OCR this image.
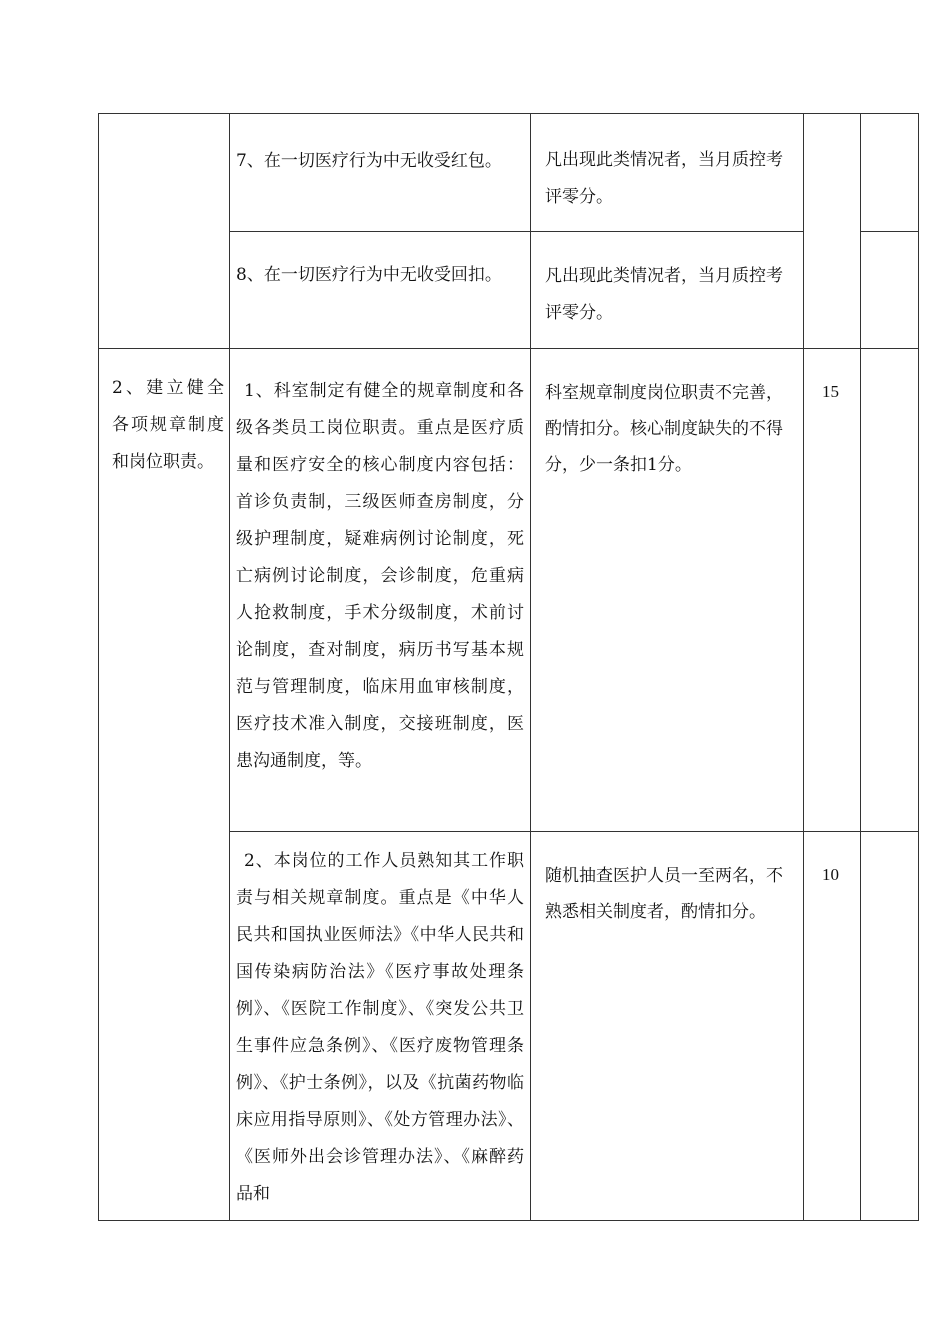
7、在一切医疗行为中无收受红包。	凡出现此类情况者，当月质控考评零分。
8、在一切医疗行为中无收受回扣。	凡出现此类情况者，当月质控考评零分。
2、建立健全各项规章制度和岗位职责。
1、科室制定有健全的规章制度和各级各类员工岗位职责。重点是医疗质量和医疗安全的核心制度内容包括：首诊负责制，三级医师查房制度，分级护理制度，疑难病例讨论制度，死亡病例讨论制度，会诊制度，危重病人抢救制度，手术分级制度，术前讨论制度，查对制度，病历书写基本规范与管理制度，临床用血审核制度，医疗技术准入制度，交接班制度，医患沟通制度，等。
科室规章制度岗位职责不完善，酌情扣分。核心制度缺失的不得分，少一条扣1分。
15
2、本岗位的工作人员熟知其工作职责与相关规章制度。重点是《中华人民共和国执业医师法》《中华人民共和国传染病防治法》《医疗事故处理条例》、《医院工作制度》、《突发公共卫生事件应急条例》、《医疗废物管理条例》、《护士条例》，以及《抗菌药物临床应用指导原则》、《处方管理办法》、《医师外出会诊管理办法》、《麻醉药品和
随机抽查医护人员一至两名，不熟悉相关制度者，酌情扣分。
10
